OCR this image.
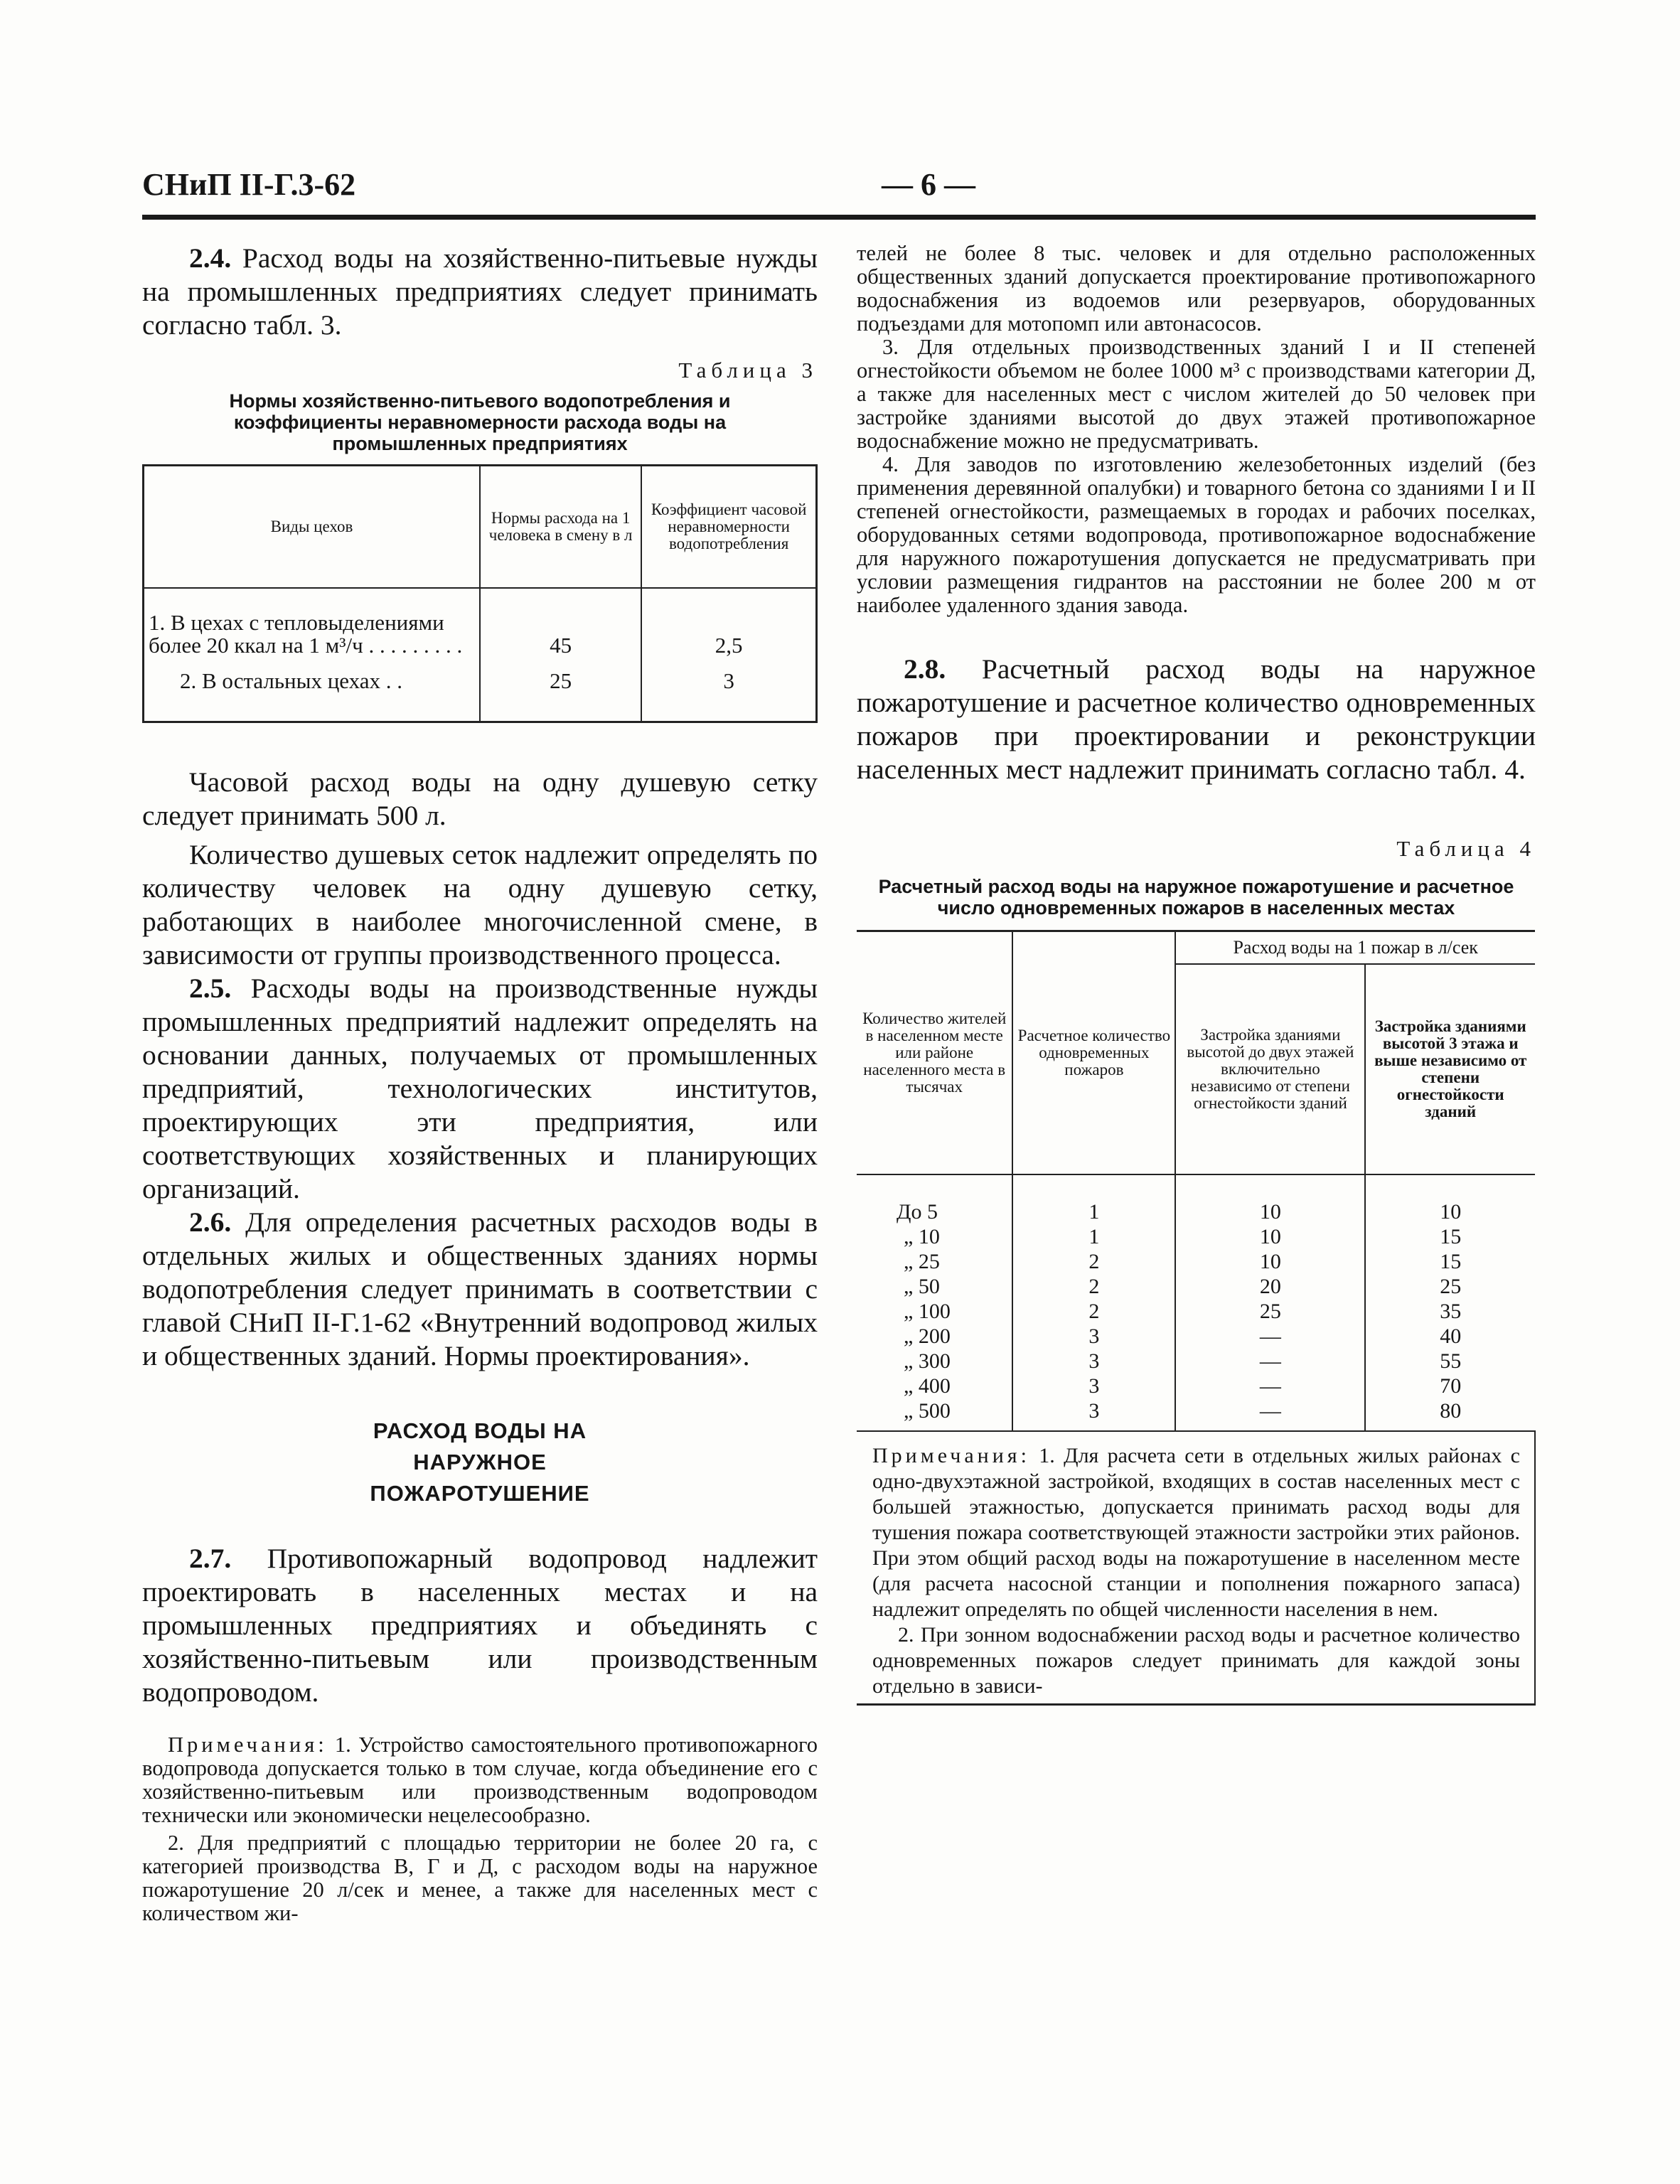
СНиП II-Г.3-62	— 6 —

2.4. Расход воды на хозяйственно-питьевые нужды на промышленных предприятиях следует принимать согласно табл. 3.

Таблица 3
Нормы хозяйственно-питьевого водопотребления и коэффициенты неравномерности расхода воды на промышленных предприятиях
Виды цехов	Нормы расхода на 1 человека в смену в л	Коэффициент часовой неравномерности водопотребления
1. В цехах с тепловыделениями более 20 ккал на 1 м³/ч . . . . . . . . .	45	2,5
2. В остальных цехах . .	25	3

Часовой расход воды на одну душевую сетку следует принимать 500 л.

Количество душевых сеток надлежит определять по количеству человек на одну душевую сетку, работающих в наиболее многочисленной смене, в зависимости от группы производственного процесса.

2.5. Расходы воды на производственные нужды промышленных предприятий надлежит определять на основании данных, получаемых от промышленных предприятий, технологических институтов, проектирующих эти предприятия, или соответствующих хозяйственных и планирующих организаций.

2.6. Для определения расчетных расходов воды в отдельных жилых и общественных зданиях нормы водопотребления следует принимать в соответствии с главой СНиП II-Г.1-62 «Внутренний водопровод жилых и общественных зданий. Нормы проектирования».

РАСХОД ВОДЫ НА НАРУЖНОЕ ПОЖАРОТУШЕНИЕ

2.7. Противопожарный водопровод надлежит проектировать в населенных местах и на промышленных предприятиях и объединять с хозяйственно-питьевым или производственным водопроводом.

Примечания: 1. Устройство самостоятельного противопожарного водопровода допускается только в том случае, когда объединение его с хозяйственно-питьевым или производственным водопроводом технически или экономически нецелесообразно.

2. Для предприятий с площадью территории не более 20 га, с категорией производства В, Г и Д, с расходом воды на наружное пожаротушение 20 л/сек и менее, а также для населенных мест с количеством жи-

телей не более 8 тыс. человек и для отдельно расположенных общественных зданий допускается проектирование противопожарного водоснабжения из водоемов или резервуаров, оборудованных подъездами для мотопомп или автонасосов.

3. Для отдельных производственных зданий I и II степеней огнестойкости объемом не более 1000 м³ с производствами категории Д, а также для населенных мест с числом жителей до 50 человек при застройке зданиями высотой до двух этажей противопожарное водоснабжение можно не предусматривать.

4. Для заводов по изготовлению железобетонных изделий (без применения деревянной опалубки) и товарного бетона со зданиями I и II степеней огнестойкости, размещаемых в городах и рабочих поселках, оборудованных сетями водопровода, противопожарное водоснабжение для наружного пожаротушения допускается не предусматривать при условии размещения гидрантов на расстоянии не более 200 м от наиболее удаленного здания завода.

2.8. Расчетный расход воды на наружное пожаротушение и расчетное количество одновременных пожаров при проектировании и реконструкции населенных мест надлежит принимать согласно табл. 4.

Таблица 4
Расчетный расход воды на наружное пожаротушение и расчетное число одновременных пожаров в населенных местах
Количество жителей в населенном месте или районе населенного места в тысячах	Расчетное количество одновременных пожаров	Расход воды на 1 пожар в л/сек	
		Застройка зданиями высотой до двух этажей включительно независимо от степени огнестойкости зданий	Застройка зданиями высотой 3 этажа и выше независимо от степени огнестойкости зданий
До 5	1	10	10
„ 10	1	10	15
„ 25	2	10	15
„ 50	2	20	25
„ 100	2	25	35
„ 200	3	—	40
„ 300	3	—	55
„ 400	3	—	70
„ 500	3	—	80

Примечания: 1. Для расчета сети в отдельных жилых районах с одно-двухэтажной застройкой, входящих в состав населенных мест с большей этажностью, допускается принимать расход воды для тушения пожара соответствующей этажности застройки этих районов. При этом общий расход воды на пожаротушение в населенном месте (для расчета насосной станции и пополнения пожарного запаса) надлежит определять по общей численности населения в нем.

2. При зонном водоснабжении расход воды и расчетное количество одновременных пожаров следует принимать для каждой зоны отдельно в зависи-			
